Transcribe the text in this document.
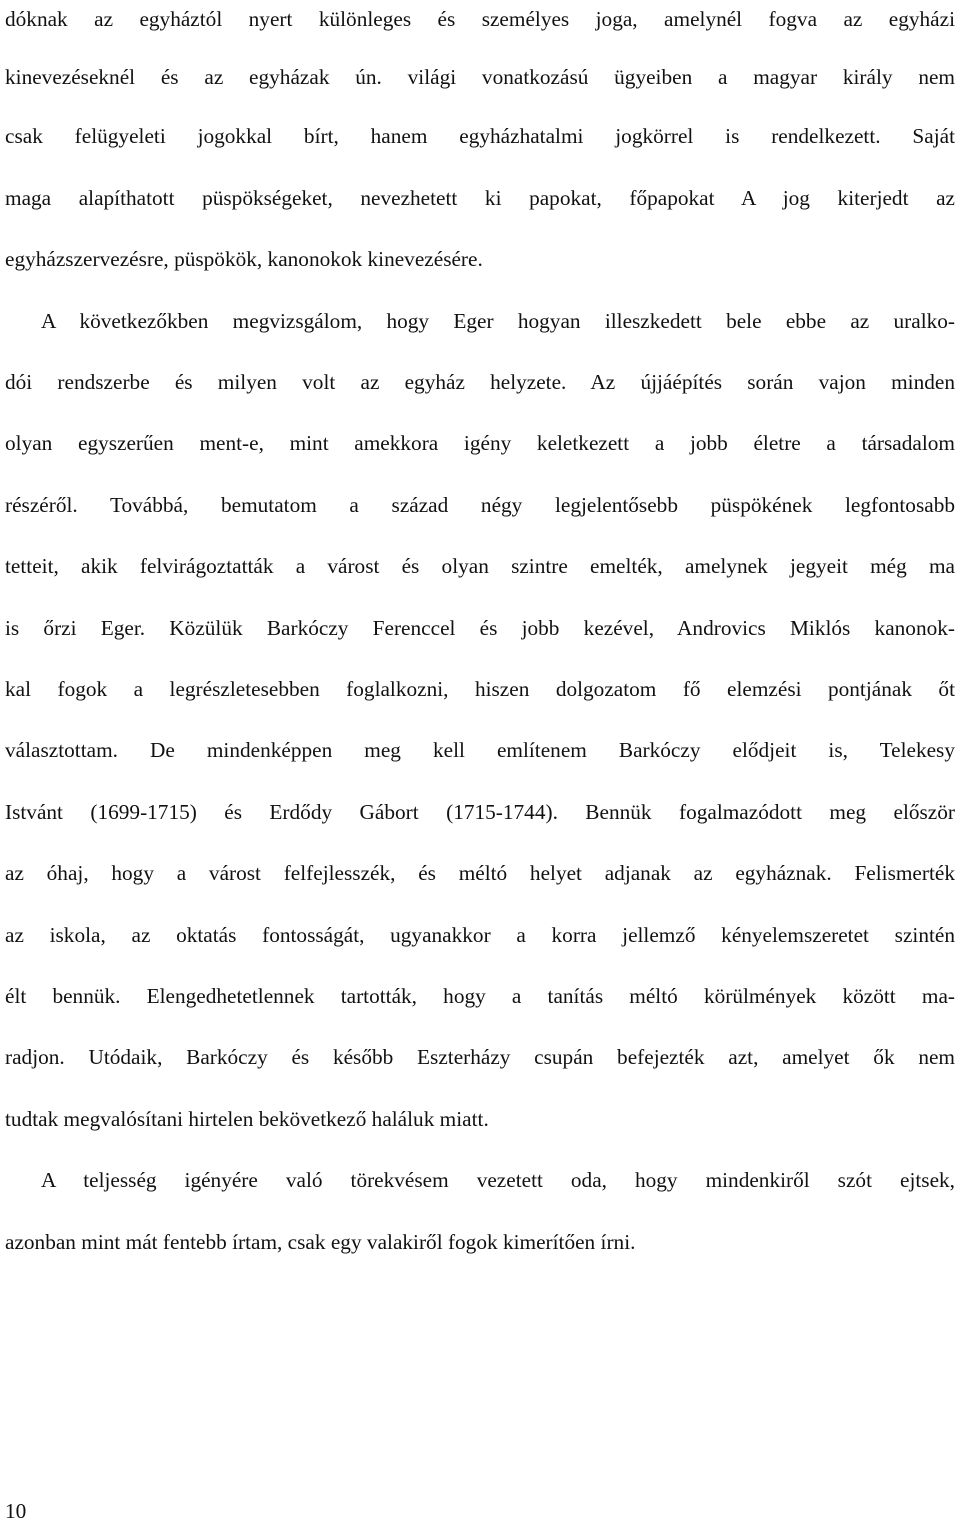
dóknak az egyháztól nyert különleges és személyes joga, amelynél fogva az egyházi
kinevezéseknél és az egyházak ún. világi vonatkozású ügyeiben a magyar király nem
csak felügyeleti jogokkal bírt, hanem egyházhatalmi jogkörrel is rendelkezett. Saját
maga alapíthatott püspökségeket, nevezhetett ki papokat, főpapokat A jog kiterjedt az
egyházszervezésre, püspökök, kanonokok kinevezésére.
A következőkben megvizsgálom, hogy Eger hogyan illeszkedett bele ebbe az uralko-
dói rendszerbe és milyen volt az egyház helyzete. Az újjáépítés során vajon minden
olyan egyszerűen ment-e, mint amekkora igény keletkezett a jobb életre a társadalom
részéről. Továbbá, bemutatom a század négy legjelentősebb püspökének legfontosabb
tetteit, akik felvirágoztatták a várost és olyan szintre emelték, amelynek jegyeit még ma
is őrzi Eger. Közülük Barkóczy Ferenccel és jobb kezével, Androvics Miklós kanonok-
kal fogok a legrészletesebben foglalkozni, hiszen dolgozatom fő elemzési pontjának őt
választottam. De mindenképpen meg kell említenem Barkóczy elődjeit is, Telekesy
Istvánt (1699-1715) és Erdődy Gábort (1715-1744). Bennük fogalmazódott meg először
az óhaj, hogy a várost felfejlesszék, és méltó helyet adjanak az egyháznak. Felismerték
az iskola, az oktatás fontosságát, ugyanakkor a korra jellemző kényelemszeretet szintén
élt bennük. Elengedhetetlennek tartották, hogy a tanítás méltó körülmények között ma-
radjon. Utódaik, Barkóczy és később Eszterházy csupán befejezték azt, amelyet ők nem
tudtak megvalósítani hirtelen bekövetkező haláluk miatt.
A teljesség igényére való törekvésem vezetett oda, hogy mindenkiről szót ejtsek,
azonban mint mát fentebb írtam, csak egy valakiről fogok kimerítően írni.
10
